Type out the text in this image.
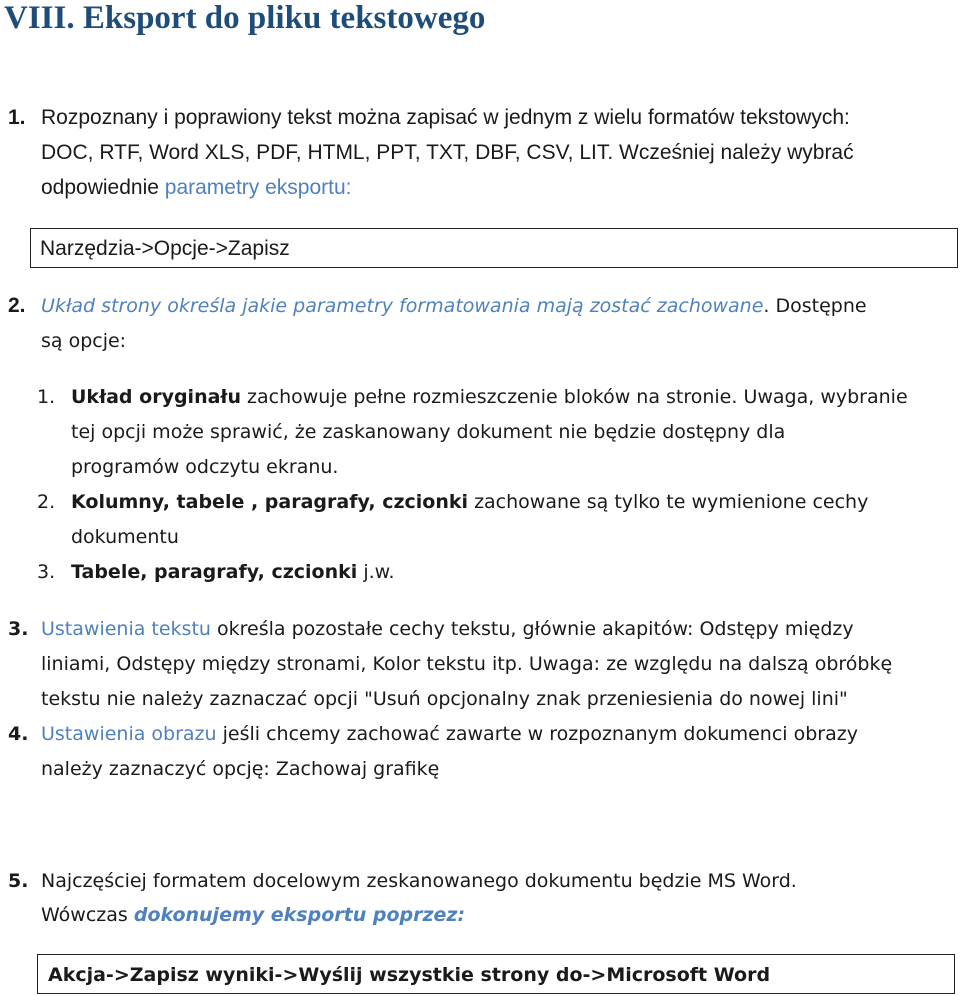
VIII. Eksport do pliku tekstowego
1. Rozpoznany i poprawiony tekst można zapisać w jednym z wielu formatów tekstowych:
DOC, RTF, Word XLS, PDF, HTML, PPT, TXT, DBF, CSV, LIT. Wcześniej należy wybrać
odpowiednie parametry eksportu:
Narzędzia->Opcje->Zapisz
2. Układ strony określa jakie parametry formatowania mają zostać zachowane. Dostępne
są opcje:
1. Układ oryginału zachowuje pełne rozmieszczenie bloków na stronie. Uwaga, wybranie
tej opcji może sprawić, że zaskanowany dokument nie będzie dostępny dla
programów odczytu ekranu.
2. Kolumny, tabele , paragrafy, czcionki zachowane są tylko te wymienione cechy
dokumentu
3. Tabele, paragrafy, czcionki j.w.
3. Ustawienia tekstu określa pozostałe cechy tekstu, głównie akapitów: Odstępy między
liniami, Odstępy między stronami, Kolor tekstu itp. Uwaga: ze względu na dalszą obróbkę
tekstu nie należy zaznaczać opcji "Usuń opcjonalny znak przeniesienia do nowej lini"
4. Ustawienia obrazu jeśli chcemy zachować zawarte w rozpoznanym dokumenci obrazy
należy zaznaczyć opcję: Zachowaj grafikę
5. Najczęściej formatem docelowym zeskanowanego dokumentu będzie MS Word.
Wówczas dokonujemy eksportu poprzez:
Akcja->Zapisz wyniki->Wyślij wszystkie strony do->Microsoft Word
